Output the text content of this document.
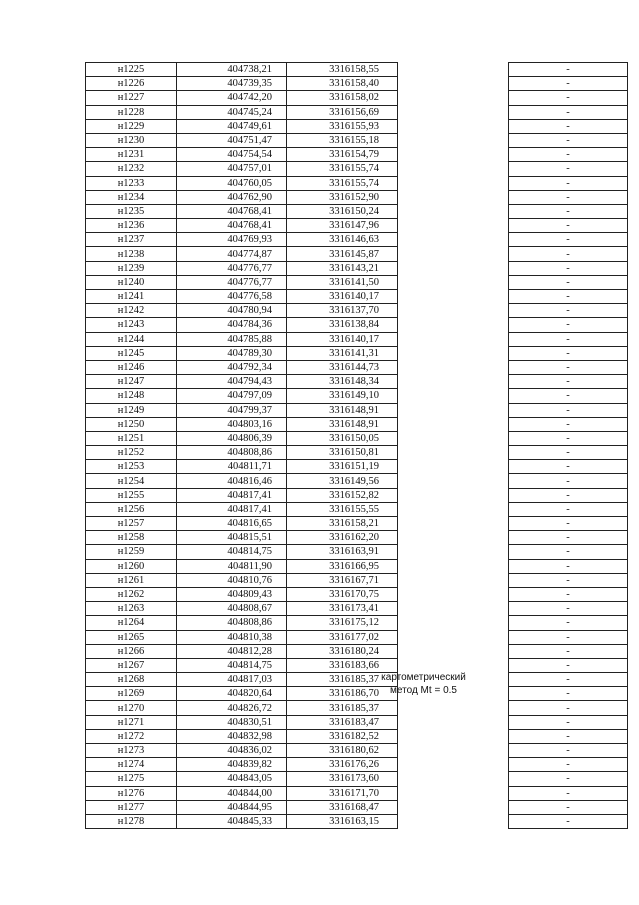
н1225	404738,21	3316158,55		-
н1226	404739,35	3316158,40		-
н1227	404742,20	3316158,02		-
н1228	404745,24	3316156,69		-
н1229	404749,61	3316155,93		-
н1230	404751,47	3316155,18		-
н1231	404754,54	3316154,79		-
н1232	404757,01	3316155,74		-
н1233	404760,05	3316155,74		-
н1234	404762,90	3316152,90		-
н1235	404768,41	3316150,24		-
н1236	404768,41	3316147,96		-
н1237	404769,93	3316146,63		-
н1238	404774,87	3316145,87		-
н1239	404776,77	3316143,21		-
н1240	404776,77	3316141,50		-
н1241	404776,58	3316140,17		-
н1242	404780,94	3316137,70		-
н1243	404784,36	3316138,84		-
н1244	404785,88	3316140,17		-
н1245	404789,30	3316141,31		-
н1246	404792,34	3316144,73		-
н1247	404794,43	3316148,34		-
н1248	404797,09	3316149,10		-
н1249	404799,37	3316148,91		-
н1250	404803,16	3316148,91		-
н1251	404806,39	3316150,05		-
н1252	404808,86	3316150,81		-
н1253	404811,71	3316151,19		-
н1254	404816,46	3316149,56		-
н1255	404817,41	3316152,82		-
н1256	404817,41	3316155,55		-
н1257	404816,65	3316158,21		-
н1258	404815,51	3316162,20		-
н1259	404814,75	3316163,91		-
н1260	404811,90	3316166,95		-
н1261	404810,76	3316167,71		-
н1262	404809,43	3316170,75		-
н1263	404808,67	3316173,41		-
н1264	404808,86	3316175,12		-
н1265	404810,38	3316177,02		-
н1266	404812,28	3316180,24		-
н1267	404814,75	3316183,66		-
н1268	404817,03	3316185,37		-
н1269	404820,64	3316186,70		-
н1270	404826,72	3316185,37		-
н1271	404830,51	3316183,47		-
н1272	404832,98	3316182,52		-
н1273	404836,02	3316180,62		-
н1274	404839,82	3316176,26		-
н1275	404843,05	3316173,60		-
н1276	404844,00	3316171,70		-
н1277	404844,95	3316168,47		-
н1278	404845,33	3316163,15		-
картометрический
метод Mt = 0.5
